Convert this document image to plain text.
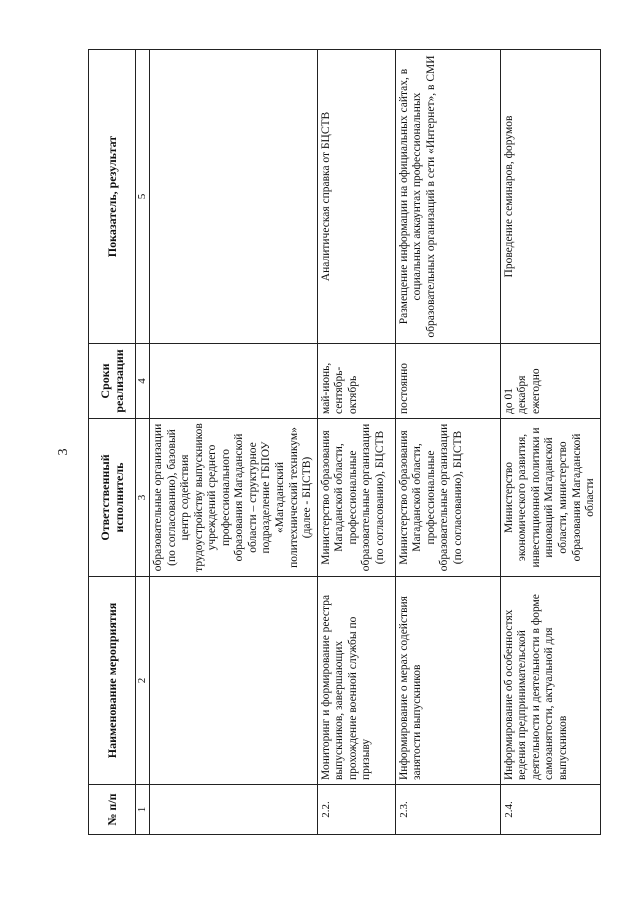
3
№ п/п	Наименование мероприятия	Ответственный исполнитель	Сроки реализации	Показатель, результат
1	2	3	4	5
		образовательные организации (по согласованию), базовый центр содействия трудоустройству выпускников учреждений среднего профессионального образования Магаданской области – структурное подразделение ГБПОУ «Магаданский политехнический техникум» (далее - БЦСТВ)		
2.2.	Мониторинг и формирование реестра выпускников, завершающих прохождение военной службы по призыву	Министерство образования Магаданской области, профессиональные образовательные организации (по согласованию), БЦСТВ	май-июнь, сентябрь-октябрь	Аналитическая справка от БЦСТВ
2.3.	Информирование о мерах содействия занятости выпускников	Министерство образования Магаданской области, профессиональные образовательные организации (по согласованию), БЦСТВ	постоянно	Размещение информации на официальных сайтах, в социальных аккаунтах профессиональных образовательных организаций в сети «Интернет», в СМИ
2.4.	Информирование об особенностях ведения предпринимательской деятельности и деятельности в форме самозанятости, актуальной для выпускников	Министерство экономического развития, инвестиционной политики и инноваций Магаданской области, министерство образования Магаданской области	до 01 декабря ежегодно	Проведение семинаров, форумов
